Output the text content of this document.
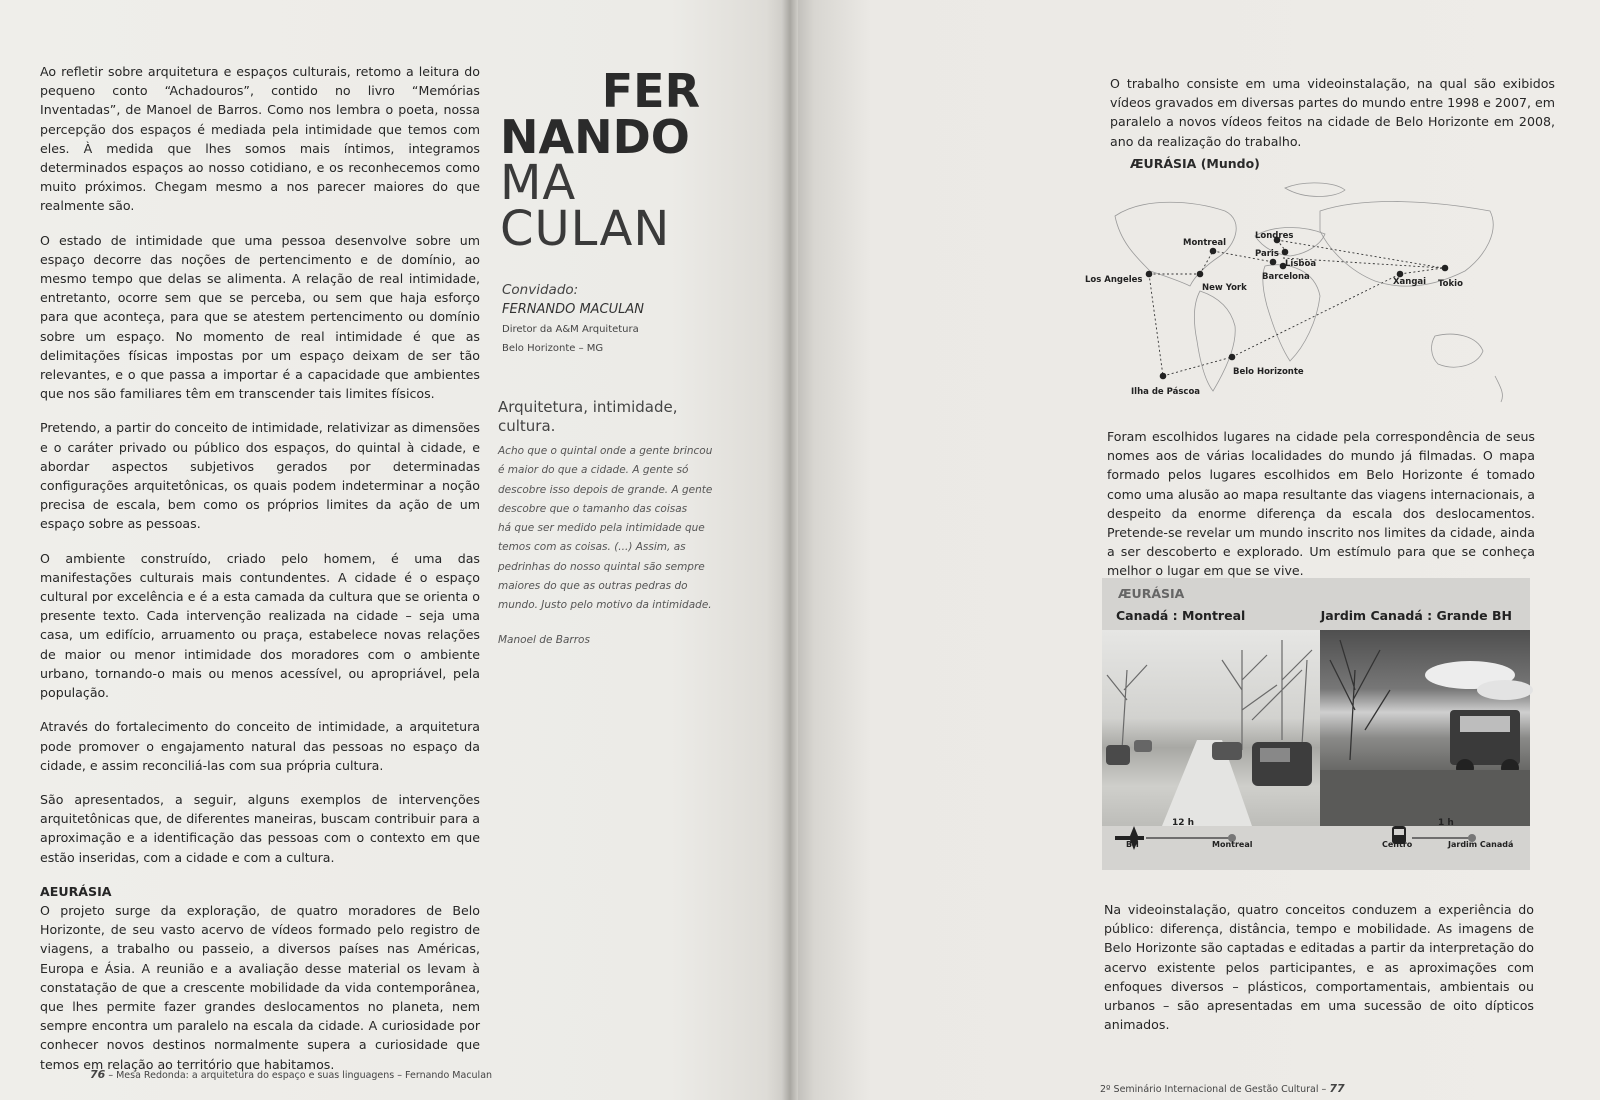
Ao refletir sobre arquitetura e espaços culturais, retomo a leitura do pequeno conto “Achadouros”, contido no livro “Memórias Inventadas”, de Manoel de Barros. Como nos lembra o poeta, nossa percepção dos espaços é mediada pela intimidade que temos com eles. À medida que lhes somos mais íntimos, integramos determinados espaços ao nosso cotidiano, e os reconhecemos como muito próximos. Chegam mesmo a nos parecer maiores do que realmente são.

O estado de intimidade que uma pessoa desenvolve sobre um espaço decorre das noções de pertencimento e de domínio, ao mesmo tempo que delas se alimenta. A relação de real intimidade, entretanto, ocorre sem que se perceba, ou sem que haja esforço para que aconteça, para que se atestem pertencimento ou domínio sobre um espaço. No momento de real intimidade é que as delimitações físicas impostas por um espaço deixam de ser tão relevantes, e o que passa a importar é a capacidade que ambientes que nos são familiares têm em transcender tais limites físicos.

Pretendo, a partir do conceito de intimidade, relativizar as dimensões e o caráter privado ou público dos espaços, do quintal à cidade, e abordar aspectos subjetivos gerados por determinadas configurações arquitetônicas, os quais podem indeterminar a noção precisa de escala, bem como os próprios limites da ação de um espaço sobre as pessoas.

O ambiente construído, criado pelo homem, é uma das manifestações culturais mais contundentes. A cidade é o espaço cultural por excelência e é a esta camada da cultura que se orienta o presente texto. Cada intervenção realizada na cidade – seja uma casa, um edifício, arruamento ou praça, estabelece novas relações de maior ou menor intimidade dos moradores com o ambiente urbano, tornando-o mais ou menos acessível, ou apropriável, pela população.

Através do fortalecimento do conceito de intimidade, a arquitetura pode promover o engajamento natural das pessoas no espaço da cidade, e assim reconciliá-las com sua própria cultura.

São apresentados, a seguir, alguns exemplos de intervenções arquitetônicas que, de diferentes maneiras, buscam contribuir para a aproximação e a identificação das pessoas com o contexto em que estão inseridas, com a cidade e com a cultura.

AEURÁSIA

O projeto surge da exploração, de quatro moradores de Belo Horizonte, de seu vasto acervo de vídeos formado pelo registro de viagens, a trabalho ou passeio, a diversos países nas Américas, Europa e Ásia. A reunião e a avaliação desse material os levam à constatação de que a crescente mobilidade da vida contemporânea, que lhes permite fazer grandes deslocamentos no planeta, nem sempre encontra um paralelo na escala da cidade. A curiosidade por conhecer novos destinos normalmente supera a curiosidade que temos em relação ao território que habitamos.

FER
NANDO
MA
CULAN
Convidado:
FERNANDO MACULAN
Diretor da A&M Arquitetura
Belo Horizonte – MG
Arquitetura, intimidade, cultura.
Acho que o quintal onde a gente brincou
é maior do que a cidade. A gente só
descobre isso depois de grande. A gente
descobre que o tamanho das coisas
há que ser medido pela intimidade que
temos com as coisas. (...) Assim, as
pedrinhas do nosso quintal são sempre
maiores do que as outras pedras do
mundo. Justo pelo motivo da intimidade.
Manoel de Barros
76 – Mesa Redonda: a arquitetura do espaço e suas linguagens – Fernando Maculan

O trabalho consiste em uma videoinstalação, na qual são exibidos vídeos gravados em diversas partes do mundo entre 1998 e 2007, em paralelo a novos vídeos feitos na cidade de Belo Horizonte em 2008, ano da realização do trabalho.

ÆURÁSIA (Mundo)
Montreal
Londres
Paris
Lisboa
Barcelona
Los Angeles
New York
Xangai Tokio
Belo Horizonte
Ilha de Páscoa

Foram escolhidos lugares na cidade pela correspondência de seus nomes aos de várias localidades do mundo já filmadas. O mapa formado pelos lugares escolhidos em Belo Horizonte é tomado como uma alusão ao mapa resultante das viagens internacionais, a despeito da enorme diferença da escala dos deslocamentos. Pretende-se revelar um mundo inscrito nos limites da cidade, ainda a ser descoberto e explorado. Um estímulo para que se conheça melhor o lugar em que se vive.

ÆURÁSIA
Canadá : Montreal	Jardim Canadá : Grande BH
12 h
BH	Montreal
1 h
Centro	Jardim Canadá

Na videoinstalação, quatro conceitos conduzem a experiência do público: diferença, distância, tempo e mobilidade. As imagens de Belo Horizonte são captadas e editadas a partir da interpretação do acervo existente pelos participantes, e as aproximações com enfoques diversos – plásticos, comportamentais, ambientais ou urbanos – são apresentadas em uma sucessão de oito dípticos animados.

2º Seminário Internacional de Gestão Cultural – 77
